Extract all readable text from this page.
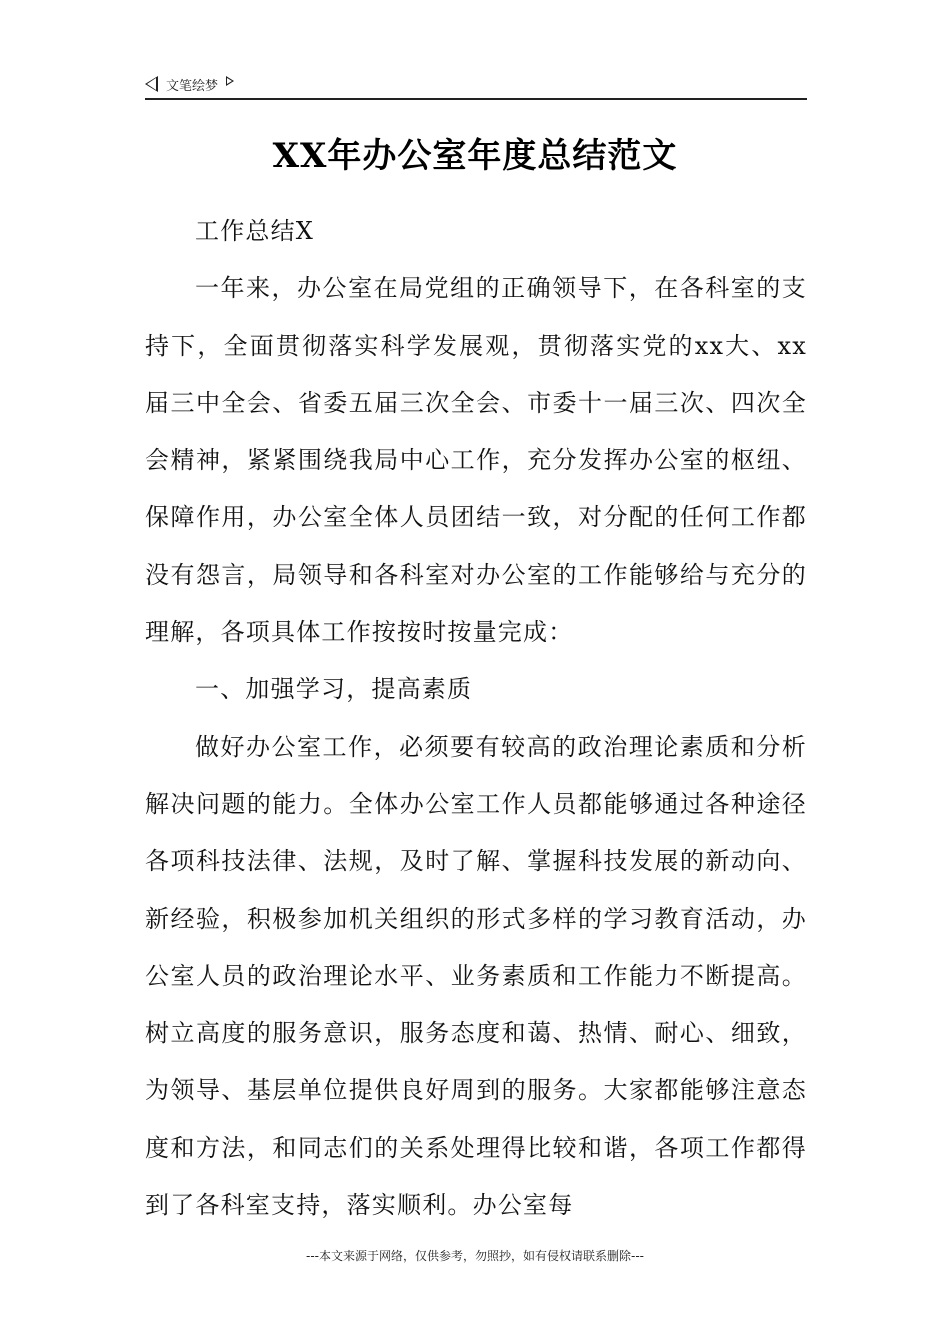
文笔绘梦
XX年办公室年度总结范文

工作总结X

一年来，办公室在局党组的正确领导下，在各科室的支持下，全面贯彻落实科学发展观，贯彻落实党的xx大、xx届三中全会、省委五届三次全会、市委十一届三次、四次全会精神，紧紧围绕我局中心工作，充分发挥办公室的枢纽、保障作用，办公室全体人员团结一致，对分配的任何工作都没有怨言，局领导和各科室对办公室的工作能够给与充分的理解，各项具体工作按按时按量完成：

一、加强学习，提高素质

做好办公室工作，必须要有较高的政治理论素质和分析解决问题的能力。全体办公室工作人员都能够通过各种途径各项科技法律、法规，及时了解、掌握科技发展的新动向、新经验，积极参加机关组织的形式多样的学习教育活动，办公室人员的政治理论水平、业务素质和工作能力不断提高。树立高度的服务意识，服务态度和蔼、热情、耐心、细致，为领导、基层单位提供良好周到的服务。大家都能够注意态度和方法，和同志们的关系处理得比较和谐，各项工作都得到了各科室支持，落实顺利。办公室每

---本文来源于网络，仅供参考，勿照抄，如有侵权请联系删除---
